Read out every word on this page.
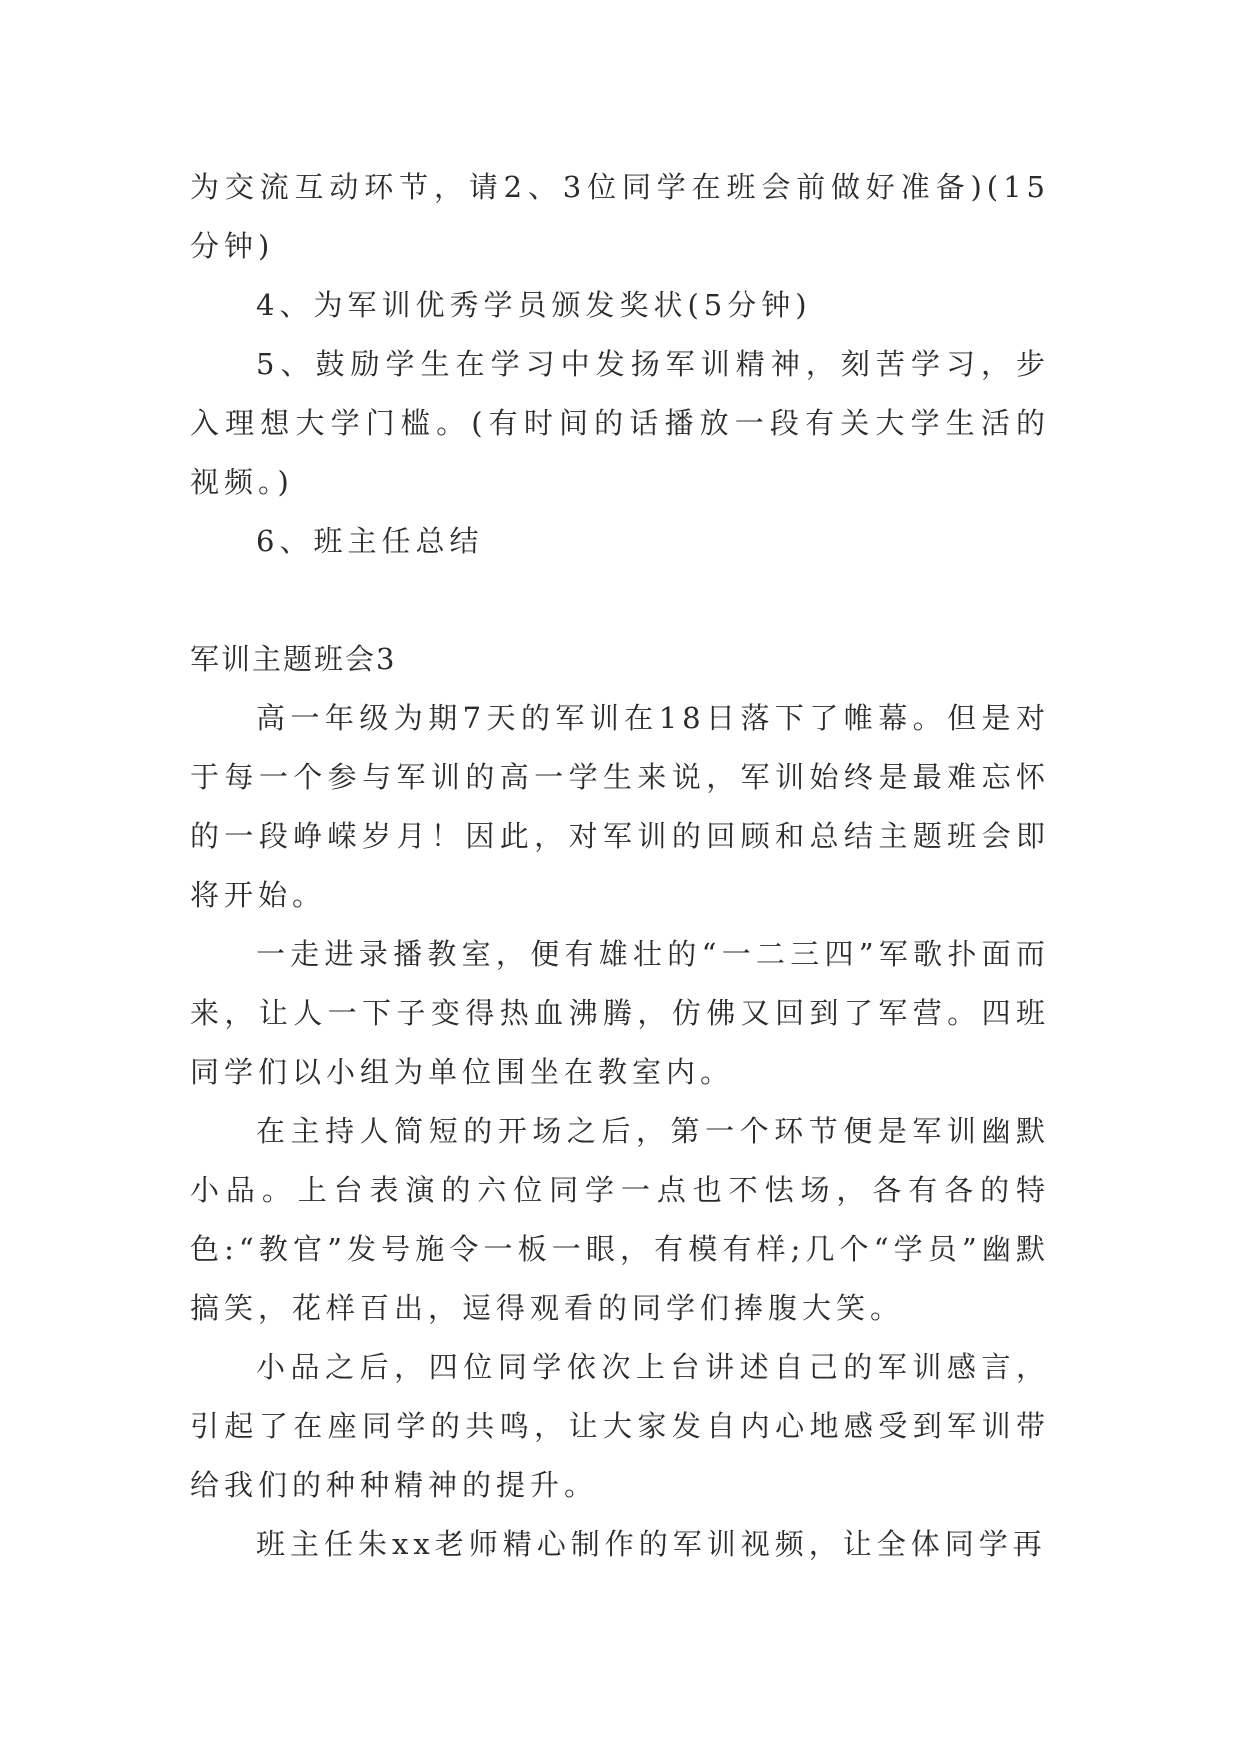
为交流互动环节，请2、3位同学在班会前做好准备)(15分钟)

4、为军训优秀学员颁发奖状(5分钟)

5、鼓励学生在学习中发扬军训精神，刻苦学习，步入理想大学门槛。(有时间的话播放一段有关大学生活的视频。)

6、班主任总结

军训主题班会3

高一年级为期7天的军训在18日落下了帷幕。但是对于每一个参与军训的高一学生来说，军训始终是最难忘怀的一段峥嵘岁月！因此，对军训的回顾和总结主题班会即将开始。

一走进录播教室，便有雄壮的“一二三四”军歌扑面而来，让人一下子变得热血沸腾，仿佛又回到了军营。四班同学们以小组为单位围坐在教室内。

在主持人简短的开场之后，第一个环节便是军训幽默小品。上台表演的六位同学一点也不怯场，各有各的特色:“教官”发号施令一板一眼，有模有样;几个“学员”幽默搞笑，花样百出，逗得观看的同学们捧腹大笑。

小品之后，四位同学依次上台讲述自己的军训感言，引起了在座同学的共鸣，让大家发自内心地感受到军训带给我们的种种精神的提升。

班主任朱xx老师精心制作的军训视频，让全体同学再
